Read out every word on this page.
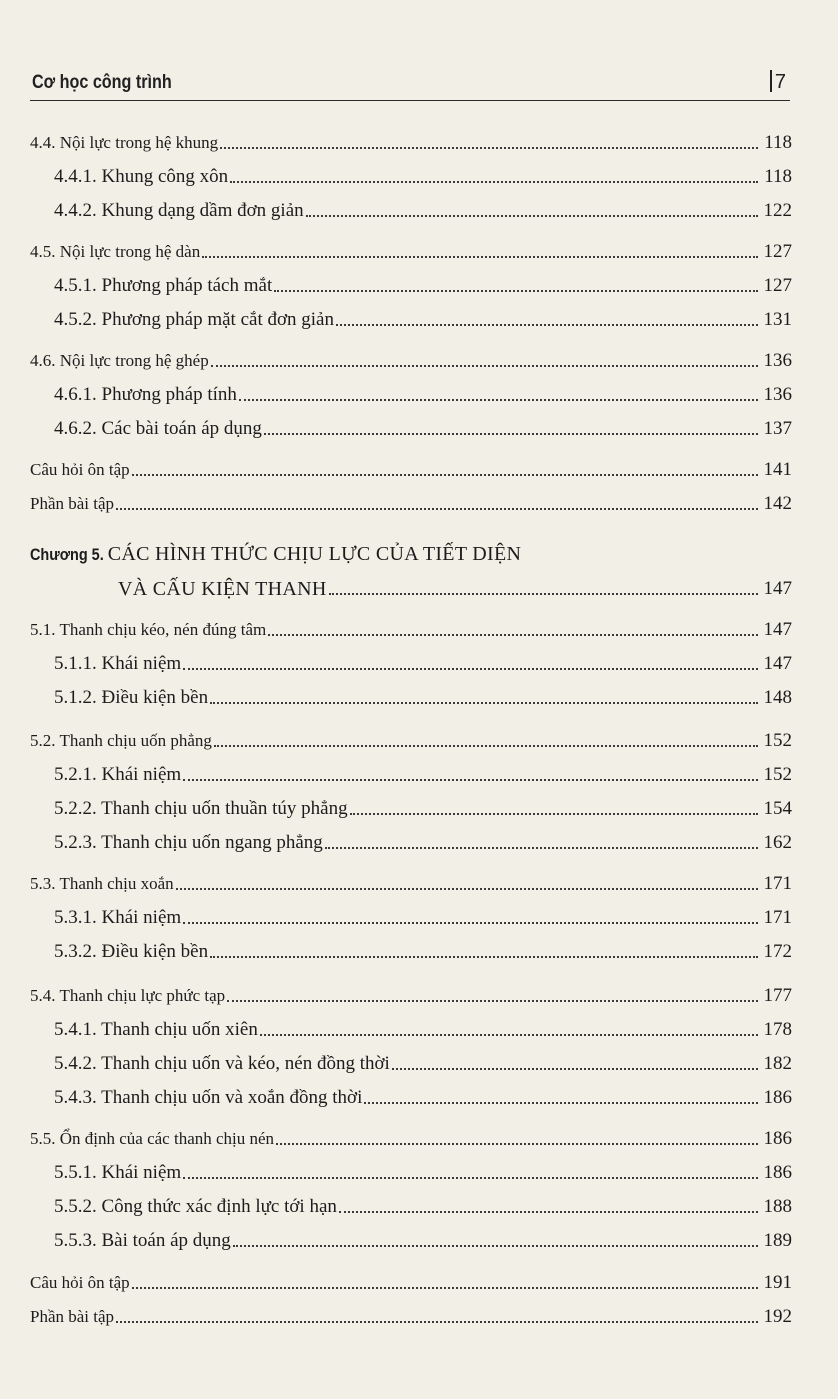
Cơ học công trình	7
4.4. Nội lực trong hệ khung	118
4.4.1. Khung công xôn	118
4.4.2. Khung dạng dầm đơn giản	122
4.5. Nội lực trong hệ dàn	127
4.5.1. Phương pháp tách mắt	127
4.5.2. Phương pháp mặt cắt đơn giản	131
4.6. Nội lực trong hệ ghép	136
4.6.1. Phương pháp tính	136
4.6.2. Các bài toán áp dụng	137
Câu hỏi ôn tập	141
Phần bài tập	142
Chương 5. CÁC HÌNH THỨC CHỊU LỰC CỦA TIẾT DIỆN
VÀ CẤU KIỆN THANH	147
5.1. Thanh chịu kéo, nén đúng tâm	147
5.1.1. Khái niệm	147
5.1.2. Điều kiện bền	148
5.2. Thanh chịu uốn phẳng	152
5.2.1. Khái niệm	152
5.2.2. Thanh chịu uốn thuần túy phẳng	154
5.2.3. Thanh chịu uốn ngang phẳng	162
5.3. Thanh chịu xoắn	171
5.3.1. Khái niệm	171
5.3.2. Điều kiện bền	172
5.4. Thanh chịu lực phức tạp	177
5.4.1. Thanh chịu uốn xiên	178
5.4.2. Thanh chịu uốn và kéo, nén đồng thời	182
5.4.3. Thanh chịu uốn và xoắn đồng thời	186
5.5. Ổn định của các thanh chịu nén	186
5.5.1. Khái niệm	186
5.5.2. Công thức xác định lực tới hạn	188
5.5.3. Bài toán áp dụng	189
Câu hỏi ôn tập	191
Phần bài tập	192
